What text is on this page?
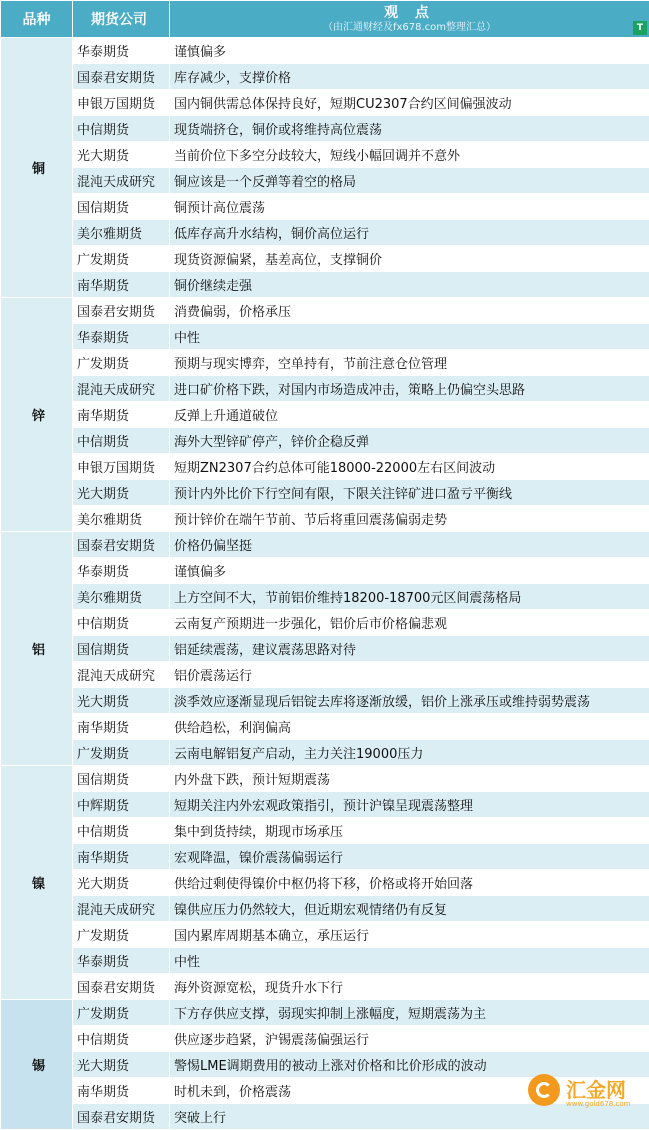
品种	期货公司	观 点
（由汇通财经及fx678.com整理汇总） T

铜	华泰期货	谨慎偏多
	国泰君安期货	库存减少，支撑价格
	申银万国期货	国内铜供需总体保持良好，短期CU2307合约区间偏强波动
	中信期货	现货端挤仓，铜价或将维持高位震荡
	光大期货	当前价位下多空分歧较大，短线小幅回调并不意外
	混沌天成研究	铜应该是一个反弹等着空的格局
	国信期货	铜预计高位震荡
	美尔雅期货	低库存高升水结构，铜价高位运行
	广发期货	现货资源偏紧，基差高位，支撑铜价
	南华期货	铜价继续走强
锌	国泰君安期货	消费偏弱，价格承压
	华泰期货	中性
	广发期货	预期与现实博弈，空单持有，节前注意仓位管理
	混沌天成研究	进口矿价格下跌，对国内市场造成冲击，策略上仍偏空头思路
	南华期货	反弹上升通道破位
	中信期货	海外大型锌矿停产，锌价企稳反弹
	申银万国期货	短期ZN2307合约总体可能18000-22000左右区间波动
	光大期货	预计内外比价下行空间有限，下限关注锌矿进口盈亏平衡线
	美尔雅期货	预计锌价在端午节前、节后将重回震荡偏弱走势
铝	国泰君安期货	价格仍偏坚挺
	华泰期货	谨慎偏多
	美尔雅期货	上方空间不大，节前铝价维持18200-18700元区间震荡格局
	中信期货	云南复产预期进一步强化，铝价后市价格偏悲观
	国信期货	铝延续震荡，建议震荡思路对待
	混沌天成研究	铝价震荡运行
	光大期货	淡季效应逐渐显现后铝锭去库将逐渐放缓，铝价上涨承压或维持弱势震荡
	南华期货	供给趋松，利润偏高
	广发期货	云南电解铝复产启动，主力关注19000压力
镍	国信期货	内外盘下跌，预计短期震荡
	中辉期货	短期关注内外宏观政策指引，预计沪镍呈现震荡整理
	中信期货	集中到货持续，期现市场承压
	南华期货	宏观降温，镍价震荡偏弱运行
	光大期货	供给过剩使得镍价中枢仍将下移，价格或将开始回落
	混沌天成研究	镍供应压力仍然较大，但近期宏观情绪仍有反复
	广发期货	国内累库周期基本确立，承压运行
	华泰期货	中性
	国泰君安期货	海外资源宽松，现货升水下行
锡	广发期货	下方存供应支撑，弱现实抑制上涨幅度，短期震荡为主
	中信期货	供应逐步趋紧，沪锡震荡偏强运行
	光大期货	警惕LME调期费用的被动上涨对价格和比价形成的波动
	南华期货	时机未到，价格震荡
	国泰君安期货	突破上行
汇金网
www.gold678.com
